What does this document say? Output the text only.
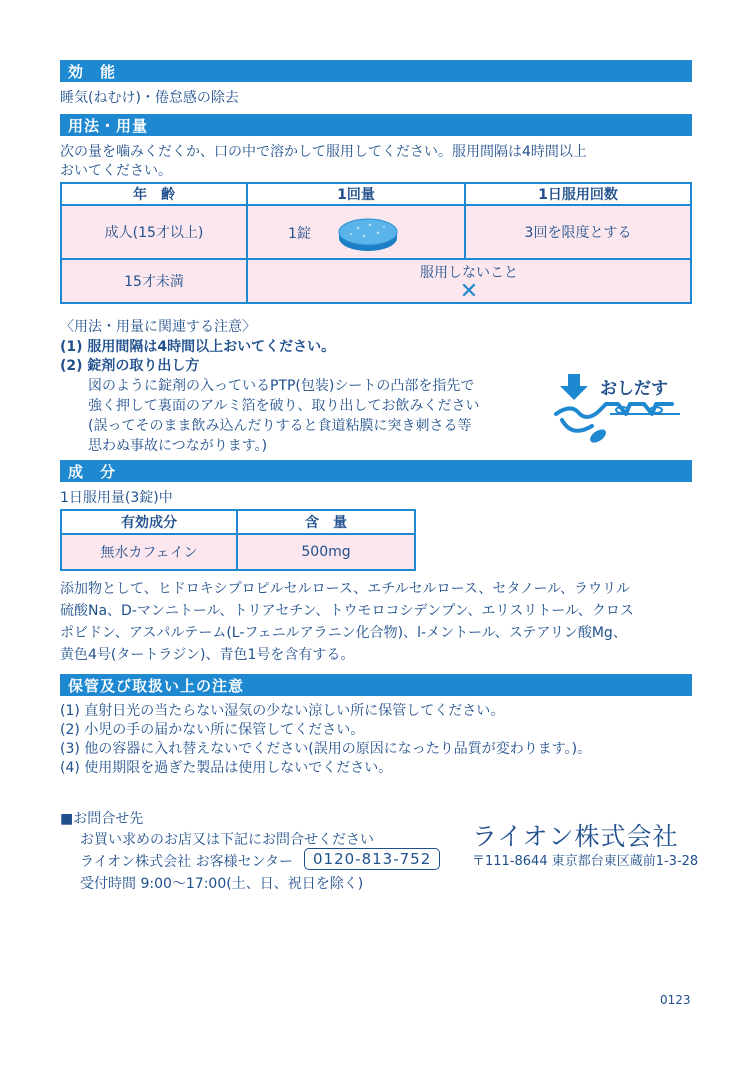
効　能
睡気(ねむけ)・倦怠感の除去
用法・用量
次の量を噛みくだくか、口の中で溶かして服用してください。服用間隔は4時間以上
おいてください。
年　齢	1回量	1日服用回数
成人(15才以上)	1錠	3回を限度とする
15才未満	服用しないこと
✕	
〈用法・用量に関連する注意〉
(1) 服用間隔は4時間以上おいてください。
(2) 錠剤の取り出し方
図のように錠剤の入っているPTP(包装)シートの凸部を指先で
強く押して裏面のアルミ箔を破り、取り出してお飲みください
(誤ってそのまま飲み込んだりすると食道粘膜に突き刺さる等
思わぬ事故につながります。)
おしだす
成　分
1日服用量(3錠)中
有効成分	含　量
無水カフェイン	500mg
添加物として、ヒドロキシプロピルセルロース、エチルセルロース、セタノール、ラウリル
硫酸Na、D-マンニトール、トリアセチン、トウモロコシデンプン、エリスリトール、クロス
ポビドン、アスパルテーム(L-フェニルアラニン化合物)、l-メントール、ステアリン酸Mg、
黄色4号(タートラジン)、青色1号を含有する。
保管及び取扱い上の注意
(1) 直射日光の当たらない湿気の少ない涼しい所に保管してください。
(2) 小児の手の届かない所に保管してください。
(3) 他の容器に入れ替えないでください(誤用の原因になったり品質が変わります。)。
(4) 使用期限を過ぎた製品は使用しないでください。
■お問合せ先
お買い求めのお店又は下記にお問合せください
ライオン株式会社 お客様センター	0120-813-752
受付時間 9:00〜17:00(土、日、祝日を除く)
ライオン株式会社
〒111-8644 東京都台東区蔵前1-3-28
0123
